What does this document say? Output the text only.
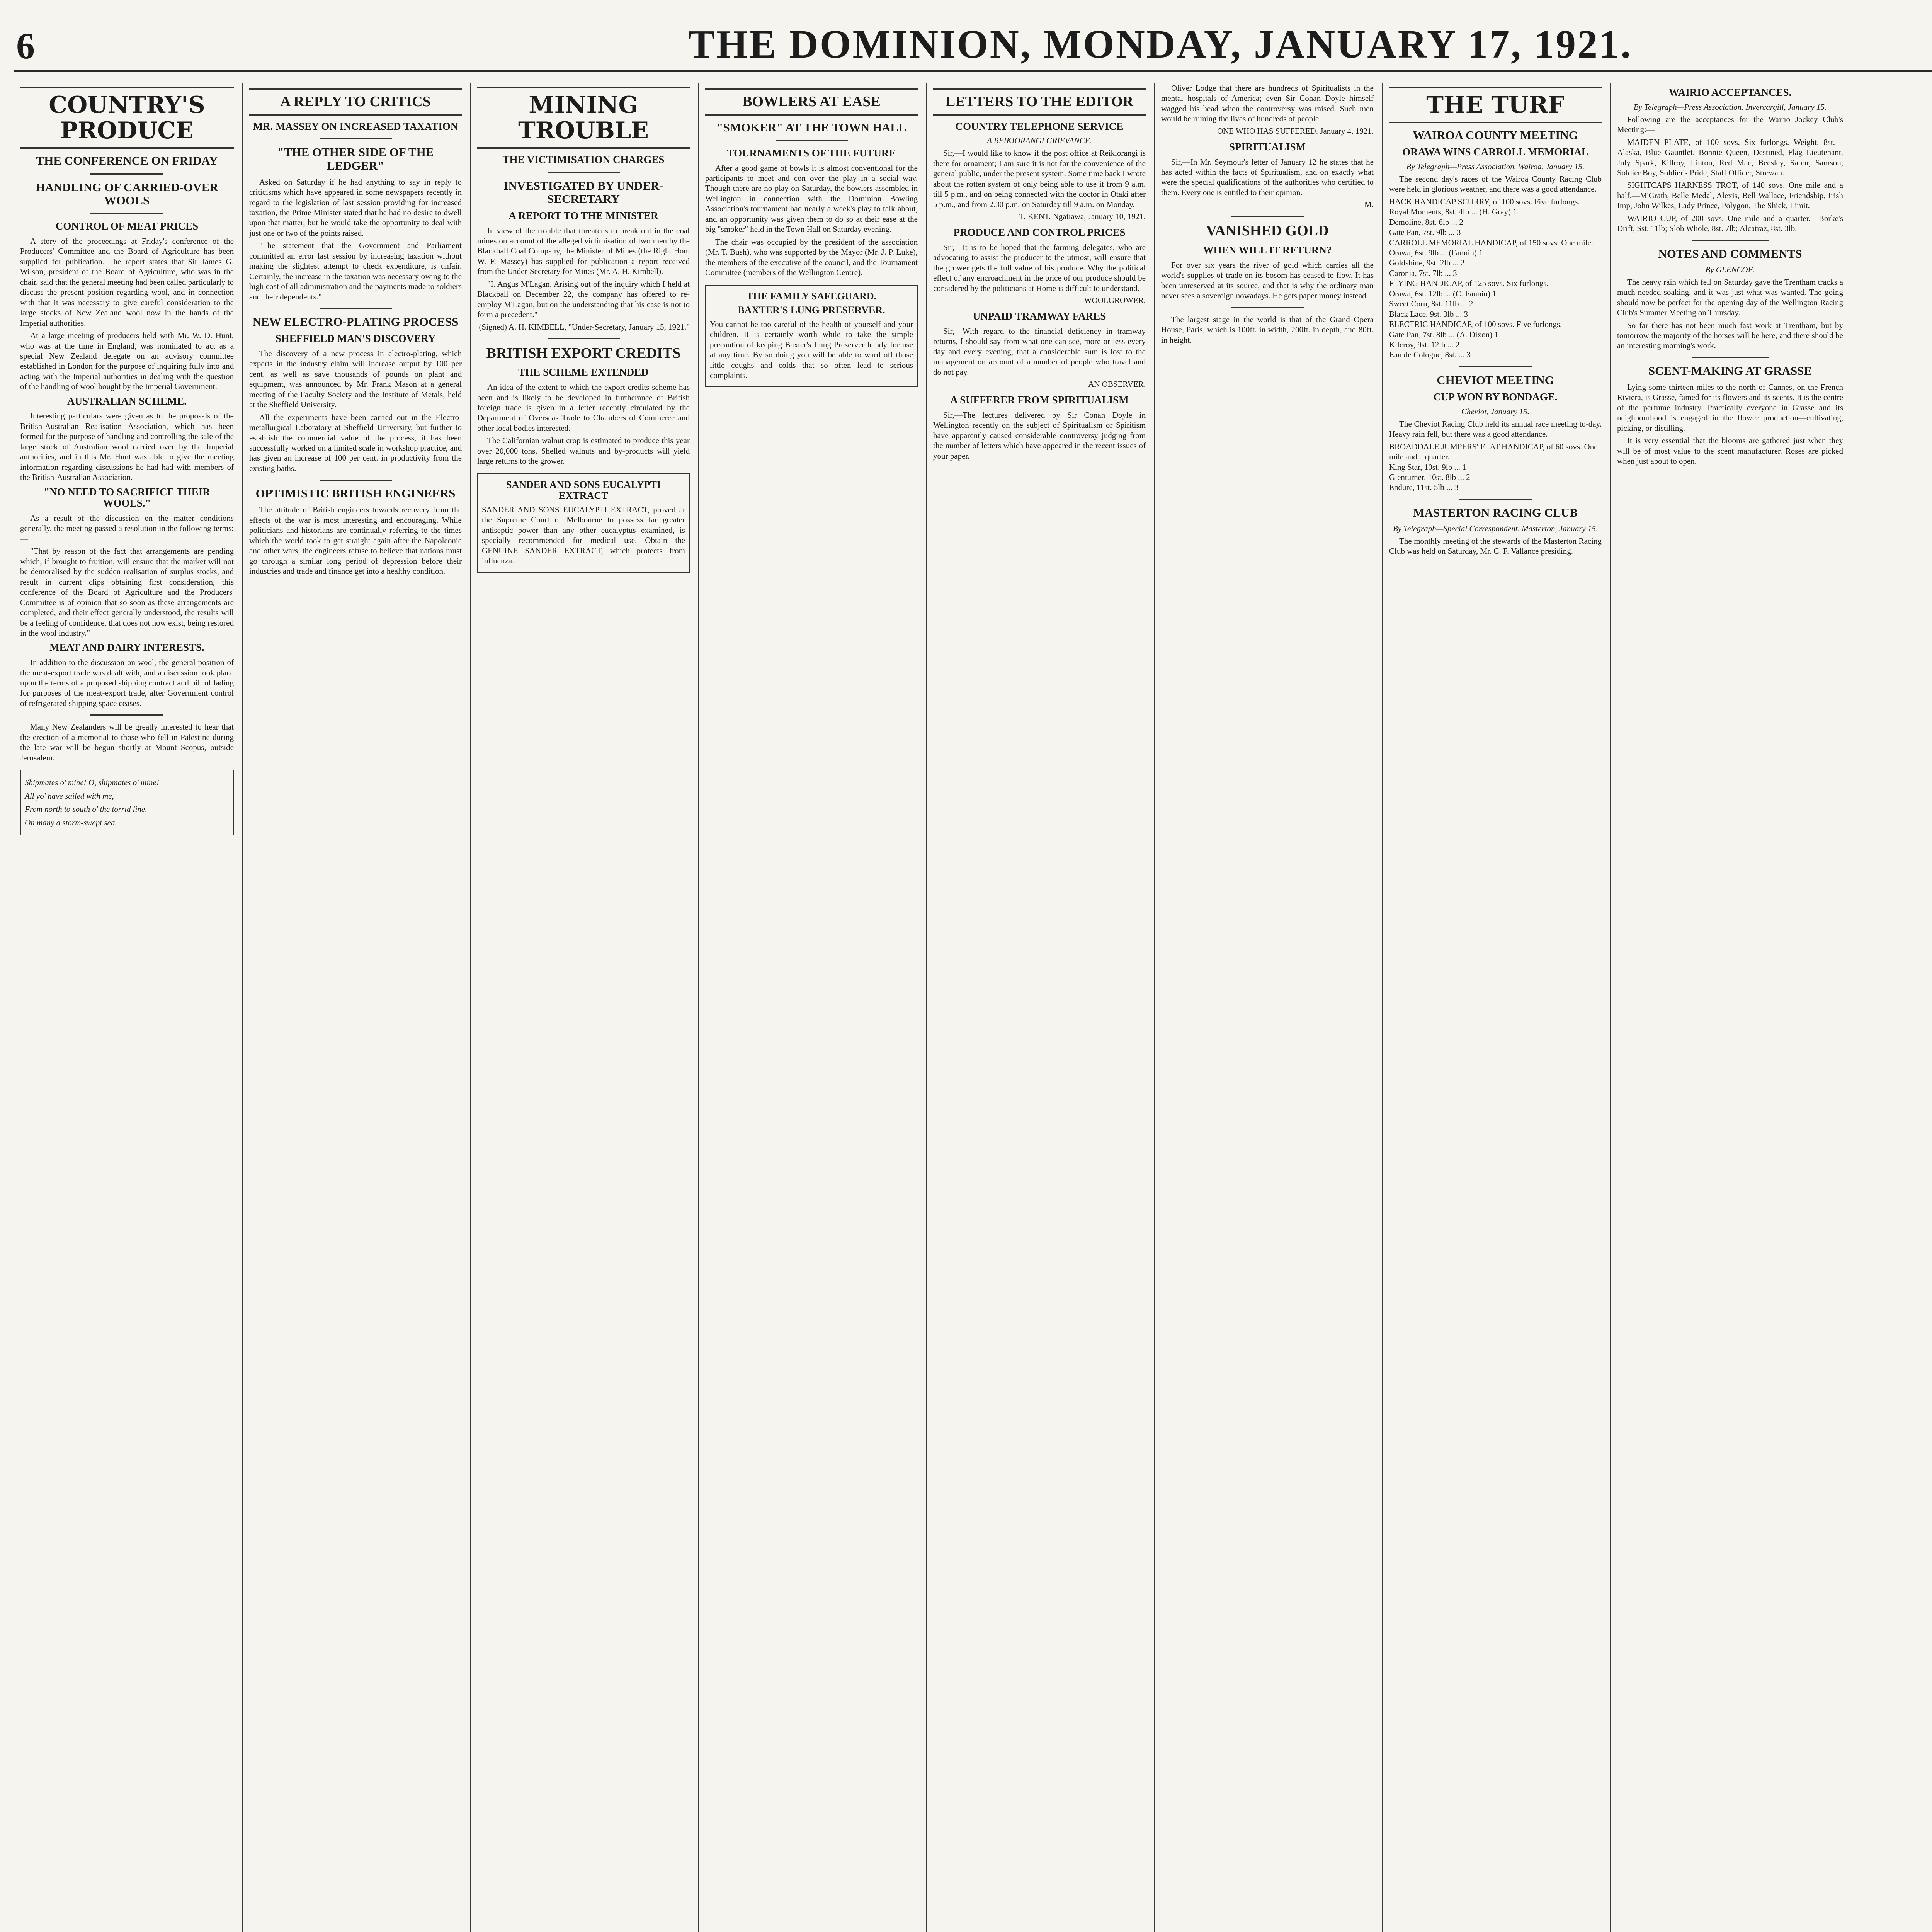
6	THE DOMINION, MONDAY, JANUARY 17, 1921.
COUNTRY'S PRODUCE
THE CONFERENCE ON FRIDAY
HANDLING OF CARRIED-OVER WOOLS
CONTROL OF MEAT PRICES

A story of the proceedings at Friday's conference of the Producers' Committee and the Board of Agriculture has been supplied for publication. The report states that Sir James G. Wilson, president of the Board of Agriculture, who was in the chair, said that the general meeting had been called particularly to discuss the present position regarding wool, and in connection with that it was necessary to give careful consideration to the large stocks of New Zealand wool now in the hands of the Imperial authorities.

At a large meeting of producers held with Mr. W. D. Hunt, who was at the time in England, was nominated to act as a special New Zealand delegate on an advisory committee established in London for the purpose of inquiring fully into and acting with the Imperial authorities in dealing with the question of the handling of wool bought by the Imperial Government.

AUSTRALIAN SCHEME.

Interesting particulars were given as to the proposals of the British-Australian Realisation Association, which has been formed for the purpose of handling and controlling the sale of the large stock of Australian wool carried over by the Imperial authorities, and in this Mr. Hunt was able to give the meeting information regarding discussions he had had with members of the British-Australian Association.

"NO NEED TO SACRIFICE THEIR WOOLS."

As a result of the discussion on the matter conditions generally, the meeting passed a resolution in the following terms:—

"That by reason of the fact that arrangements are pending which, if brought to fruition, will ensure that the market will not be demoralised by the sudden realisation of surplus stocks, and result in current clips obtaining first consideration, this conference of the Board of Agriculture and the Producers' Committee is of opinion that so soon as these arrangements are completed, and their effect generally understood, the results will be a feeling of confidence, that does not now exist, being restored in the wool industry."

MEAT AND DAIRY INTERESTS.

In addition to the discussion on wool, the general position of the meat-export trade was dealt with, and a discussion took place upon the terms of a proposed shipping contract and bill of lading for purposes of the meat-export trade, after Government control of refrigerated shipping space ceases.

Many New Zealanders will be greatly interested to hear that the erection of a memorial to those who fell in Palestine during the late war will be begun shortly at Mount Scopus, outside Jerusalem.

Shipmates o' mine! O, shipmates o' mine!
All yo' have sailed with me,
From north to south o' the torrid line,
On many a storm-swept sea.
A REPLY TO CRITICS
MR. MASSEY ON INCREASED TAXATION
"THE OTHER SIDE OF THE LEDGER"

Asked on Saturday if he had anything to say in reply to criticisms which have appeared in some newspapers recently in regard to the legislation of last session providing for increased taxation, the Prime Minister stated that he had no desire to dwell upon that matter, but he would take the opportunity to deal with just one or two of the points raised.

"The statement that the Government and Parliament committed an error last session by increasing taxation without making the slightest attempt to check expenditure, is unfair. Certainly, the increase in the taxation was necessary owing to the high cost of all administration and the payments made to soldiers and their dependents."

NEW ELECTRO-PLATING PROCESS
SHEFFIELD MAN'S DISCOVERY

The discovery of a new process in electro-plating, which experts in the industry claim will increase output by 100 per cent. as well as save thousands of pounds on plant and equipment, was announced by Mr. Frank Mason at a general meeting of the Faculty Society and the Institute of Metals, held at the Sheffield University.

All the experiments have been carried out in the Electro-metallurgical Laboratory at Sheffield University, but further to establish the commercial value of the process, it has been successfully worked on a limited scale in workshop practice, and has given an increase of 100 per cent. in productivity from the existing baths.

OPTIMISTIC BRITISH ENGINEERS

The attitude of British engineers towards recovery from the effects of the war is most interesting and encouraging. While politicians and historians are continually referring to the times which the world took to get straight again after the Napoleonic and other wars, the engineers refuse to believe that nations must go through a similar long period of depression before their industries and trade and finance get into a healthy condition.

MINING TROUBLE
THE VICTIMISATION CHARGES
INVESTIGATED BY UNDER-SECRETARY
A REPORT TO THE MINISTER

In view of the trouble that threatens to break out in the coal mines on account of the alleged victimisation of two men by the Blackball Coal Company, the Minister of Mines (the Right Hon. W. F. Massey) has supplied for publication a report received from the Under-Secretary for Mines (Mr. A. H. Kimbell).

"I. Angus M'Lagan. Arising out of the inquiry which I held at Blackball on December 22, the company has offered to re-employ M'Lagan, but on the understanding that his case is not to form a precedent."

(Signed) A. H. KIMBELL, "Under-Secretary, January 15, 1921."
BRITISH EXPORT CREDITS
THE SCHEME EXTENDED

An idea of the extent to which the export credits scheme has been and is likely to be developed in furtherance of British foreign trade is given in a letter recently circulated by the Department of Overseas Trade to Chambers of Commerce and other local bodies interested.

The Californian walnut crop is estimated to produce this year over 20,000 tons. Shelled walnuts and by-products will yield large returns to the grower.

SANDER AND SONS EUCALYPTI EXTRACT

SANDER AND SONS EUCALYPTI EXTRACT, proved at the Supreme Court of Melbourne to possess far greater antiseptic power than any other eucalyptus examined, is specially recommended for medical use. Obtain the GENUINE SANDER EXTRACT, which protects from influenza.

BOWLERS AT EASE
"SMOKER" AT THE TOWN HALL
TOURNAMENTS OF THE FUTURE

After a good game of bowls it is almost conventional for the participants to meet and con over the play in a social way. Though there are no play on Saturday, the bowlers assembled in Wellington in connection with the Dominion Bowling Association's tournament had nearly a week's play to talk about, and an opportunity was given them to do so at their ease at the big "smoker" held in the Town Hall on Saturday evening.

The chair was occupied by the president of the association (Mr. T. Bush), who was supported by the Mayor (Mr. J. P. Luke), the members of the executive of the council, and the Tournament Committee (members of the Wellington Centre).

THE FAMILY SAFEGUARD.
BAXTER'S LUNG PRESERVER.

You cannot be too careful of the health of yourself and your children. It is certainly worth while to take the simple precaution of keeping Baxter's Lung Preserver handy for use at any time. By so doing you will be able to ward off those little coughs and colds that so often lead to serious complaints.

LETTERS TO THE EDITOR
COUNTRY TELEPHONE SERVICE
A REIKIORANGI GRIEVANCE.

Sir,—I would like to know if the post office at Reikiorangi is there for ornament; I am sure it is not for the convenience of the general public, under the present system. Some time back I wrote about the rotten system of only being able to use it from 9 a.m. till 5 p.m., and on being connected with the doctor in Otaki after 5 p.m., and from 2.30 p.m. on Saturday till 9 a.m. on Monday.

T. KENT. Ngatiawa, January 10, 1921.
PRODUCE AND CONTROL PRICES

Sir,—It is to be hoped that the farming delegates, who are advocating to assist the producer to the utmost, will ensure that the grower gets the full value of his produce. Why the political effect of any encroachment in the price of our produce should be considered by the politicians at Home is difficult to understand.

WOOLGROWER.
UNPAID TRAMWAY FARES

Sir,—With regard to the financial deficiency in tramway returns, I should say from what one can see, more or less every day and every evening, that a considerable sum is lost to the management on account of a number of people who travel and do not pay.

AN OBSERVER.
A SUFFERER FROM SPIRITUALISM

Sir,—The lectures delivered by Sir Conan Doyle in Wellington recently on the subject of Spiritualism or Spiritism have apparently caused considerable controversy judging from the number of letters which have appeared in the recent issues of your paper.

Oliver Lodge that there are hundreds of Spiritualists in the mental hospitals of America; even Sir Conan Doyle himself wagged his head when the controversy was raised. Such men would be ruining the lives of hundreds of people.

ONE WHO HAS SUFFERED. January 4, 1921.
SPIRITUALISM

Sir,—In Mr. Seymour's letter of January 12 he states that he has acted within the facts of Spiritualism, and on exactly what were the special qualifications of the authorities who certified to them. Every one is entitled to their opinion.

M.
VANISHED GOLD
WHEN WILL IT RETURN?

For over six years the river of gold which carries all the world's supplies of trade on its bosom has ceased to flow. It has been unreserved at its source, and that is why the ordinary man never sees a sovereign nowadays. He gets paper money instead.

The largest stage in the world is that of the Grand Opera House, Paris, which is 100ft. in width, 200ft. in depth, and 80ft. in height.

THE TURF
WAIROA COUNTY MEETING
ORAWA WINS CARROLL MEMORIAL
By Telegraph—Press Association. Wairoa, January 15.

The second day's races of the Wairoa County Racing Club were held in glorious weather, and there was a good attendance.

HACK HANDICAP SCURRY, of 100 sovs. Five furlongs.
Royal Moments, 8st. 4lb ... (H. Gray) 1
Demoline, 8st. 6lb ... 2
Gate Pan, 7st. 9lb ... 3
CARROLL MEMORIAL HANDICAP, of 150 sovs. One mile.
Orawa, 6st. 9lb ... (Fannin) 1
Goldshine, 9st. 2lb ... 2
Caronia, 7st. 7lb ... 3
FLYING HANDICAP, of 125 sovs. Six furlongs.
Orawa, 6st. 12lb ... (C. Fannin) 1
Sweet Corn, 8st. 11lb ... 2
Black Lace, 9st. 3lb ... 3
ELECTRIC HANDICAP, of 100 sovs. Five furlongs.
Gate Pan, 7st. 8lb ... (A. Dixon) 1
Kilcroy, 9st. 12lb ... 2
Eau de Cologne, 8st. ... 3
CHEVIOT MEETING
CUP WON BY BONDAGE.
Cheviot, January 15.

The Cheviot Racing Club held its annual race meeting to-day. Heavy rain fell, but there was a good attendance.

BROADDALE JUMPERS' FLAT HANDICAP, of 60 sovs. One mile and a quarter.
King Star, 10st. 9lb ... 1
Glenturner, 10st. 8lb ... 2
Endure, 11st. 5lb ... 3
MASTERTON RACING CLUB
By Telegraph—Special Correspondent. Masterton, January 15.

The monthly meeting of the stewards of the Masterton Racing Club was held on Saturday, Mr. C. F. Vallance presiding.

WAIRIO ACCEPTANCES.
By Telegraph—Press Association. Invercargill, January 15.

Following are the acceptances for the Wairio Jockey Club's Meeting:—

MAIDEN PLATE, of 100 sovs. Six furlongs. Weight, 8st.—Alaska, Blue Gauntlet, Bonnie Queen, Destined, Flag Lieutenant, July Spark, Killroy, Linton, Red Mac, Beesley, Sabor, Samson, Soldier Boy, Soldier's Pride, Staff Officer, Strewan.

SIGHTCAPS HARNESS TROT, of 140 sovs. One mile and a half.—M'Grath, Belle Medal, Alexis, Bell Wallace, Friendship, Irish Imp, John Wilkes, Lady Prince, Polygon, The Shiek, Limit.

WAIRIO CUP, of 200 sovs. One mile and a quarter.—Borke's Drift, Sst. 11lb; Slob Whole, 8st. 7lb; Alcatraz, 8st. 3lb.

NOTES AND COMMENTS
By GLENCOE.

The heavy rain which fell on Saturday gave the Trentham tracks a much-needed soaking, and it was just what was wanted. The going should now be perfect for the opening day of the Wellington Racing Club's Summer Meeting on Thursday.

So far there has not been much fast work at Trentham, but by tomorrow the majority of the horses will be here, and there should be an interesting morning's work.

SCENT-MAKING AT GRASSE

Lying some thirteen miles to the north of Cannes, on the French Riviera, is Grasse, famed for its flowers and its scents. It is the centre of the perfume industry. Practically everyone in Grasse and its neighbourhood is engaged in the flower production—cultivating, picking, or distilling.

It is very essential that the blooms are gathered just when they will be of most value to the scent manufacturer. Roses are picked when just about to open.
